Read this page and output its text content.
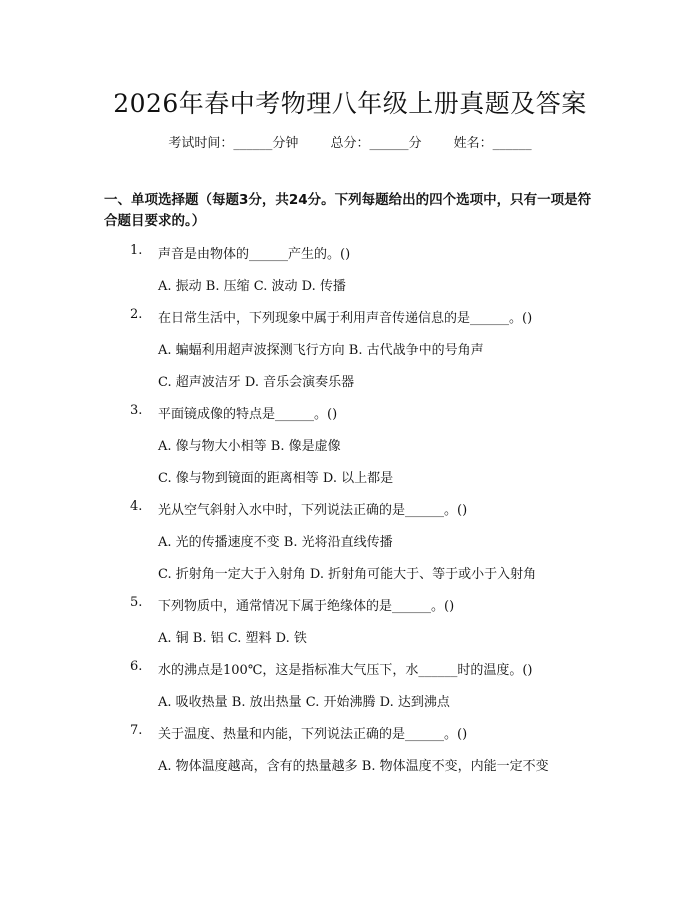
2026年春中考物理八年级上册真题及答案
考试时间：______分钟 总分：______分 姓名：______
一、单项选择题（每题3分，共24分。下列每题给出的四个选项中，只有一项是符合题目要求的。）
1. 声音是由物体的______产生的。()
A. 振动 B. 压缩 C. 波动 D. 传播
2. 在日常生活中，下列现象中属于利用声音传递信息的是______。()
A. 蝙蝠利用超声波探测飞行方向 B. 古代战争中的号角声
C. 超声波洁牙 D. 音乐会演奏乐器
3. 平面镜成像的特点是______。()
A. 像与物大小相等 B. 像是虚像
C. 像与物到镜面的距离相等 D. 以上都是
4. 光从空气斜射入水中时，下列说法正确的是______。()
A. 光的传播速度不变 B. 光将沿直线传播
C. 折射角一定大于入射角 D. 折射角可能大于、等于或小于入射角
5. 下列物质中，通常情况下属于绝缘体的是______。()
A. 铜 B. 铝 C. 塑料 D. 铁
6. 水的沸点是100℃，这是指标准大气压下，水______时的温度。()
A. 吸收热量 B. 放出热量 C. 开始沸腾 D. 达到沸点
7. 关于温度、热量和内能，下列说法正确的是______。()
A. 物体温度越高，含有的热量越多 B. 物体温度不变，内能一定不变
